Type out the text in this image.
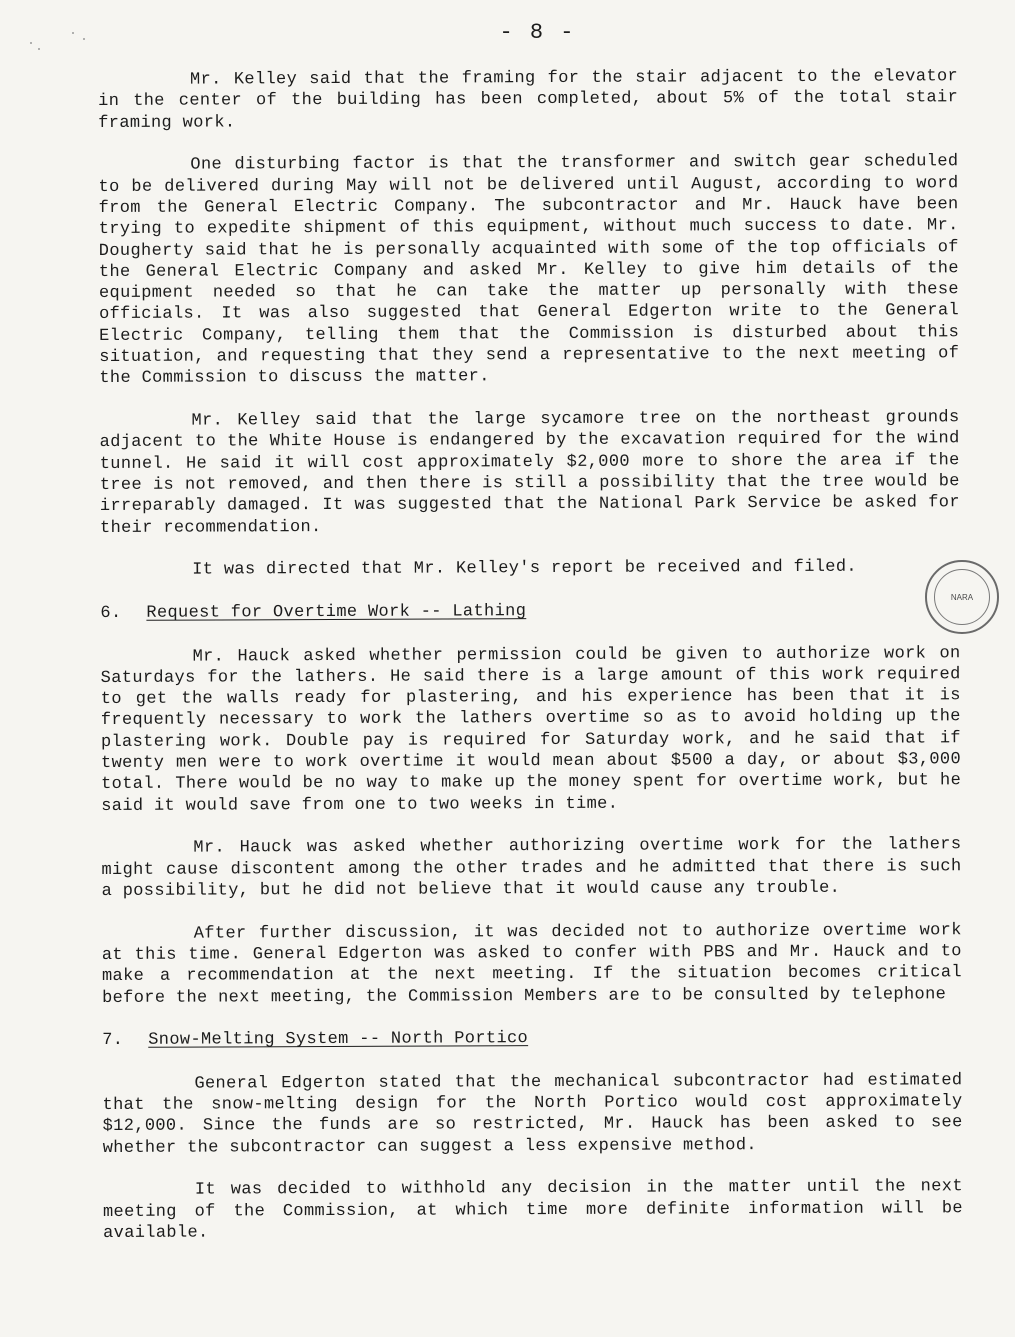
- 8 -
NARA

Mr. Kelley said that the framing for the stair adjacent to the elevator in the center of the building has been completed, about 5% of the total stair framing work.

One disturbing factor is that the transformer and switch gear scheduled to be delivered during May will not be delivered until August, according to word from the General Electric Company. The subcontractor and Mr. Hauck have been trying to expedite shipment of this equipment, without much success to date. Mr. Dougherty said that he is personally acquainted with some of the top officials of the General Electric Company and asked Mr. Kelley to give him details of the equipment needed so that he can take the matter up personally with these officials. It was also suggested that General Edgerton write to the General Electric Company, telling them that the Commission is disturbed about this situation, and requesting that they send a representative to the next meeting of the Commission to discuss the matter.

Mr. Kelley said that the large sycamore tree on the northeast grounds adjacent to the White House is endangered by the excavation required for the wind tunnel. He said it will cost approximately $2,000 more to shore the area if the tree is not removed, and then there is still a possibility that the tree would be irreparably damaged. It was suggested that the National Park Service be asked for their recommendation.

It was directed that Mr. Kelley's report be received and filed.

6.	Request for Overtime Work -- Lathing

Mr. Hauck asked whether permission could be given to authorize work on Saturdays for the lathers. He said there is a large amount of this work required to get the walls ready for plastering, and his experience has been that it is frequently necessary to work the lathers overtime so as to avoid holding up the plastering work. Double pay is required for Saturday work, and he said that if twenty men were to work overtime it would mean about $500 a day, or about $3,000 total. There would be no way to make up the money spent for overtime work, but he said it would save from one to two weeks in time.

Mr. Hauck was asked whether authorizing overtime work for the lathers might cause discontent among the other trades and he admitted that there is such a possibility, but he did not believe that it would cause any trouble.

After further discussion, it was decided not to authorize overtime work at this time. General Edgerton was asked to confer with PBS and Mr. Hauck and to make a recommendation at the next meeting. If the situation becomes critical before the next meeting, the Commission Members are to be consulted by telephone

7.	Snow-Melting System -- North Portico

General Edgerton stated that the mechanical subcontractor had estimated that the snow-melting design for the North Portico would cost approximately $12,000. Since the funds are so restricted, Mr. Hauck has been asked to see whether the subcontractor can suggest a less expensive method.

It was decided to withhold any decision in the matter until the next meeting of the Commission, at which time more definite information will be available.
